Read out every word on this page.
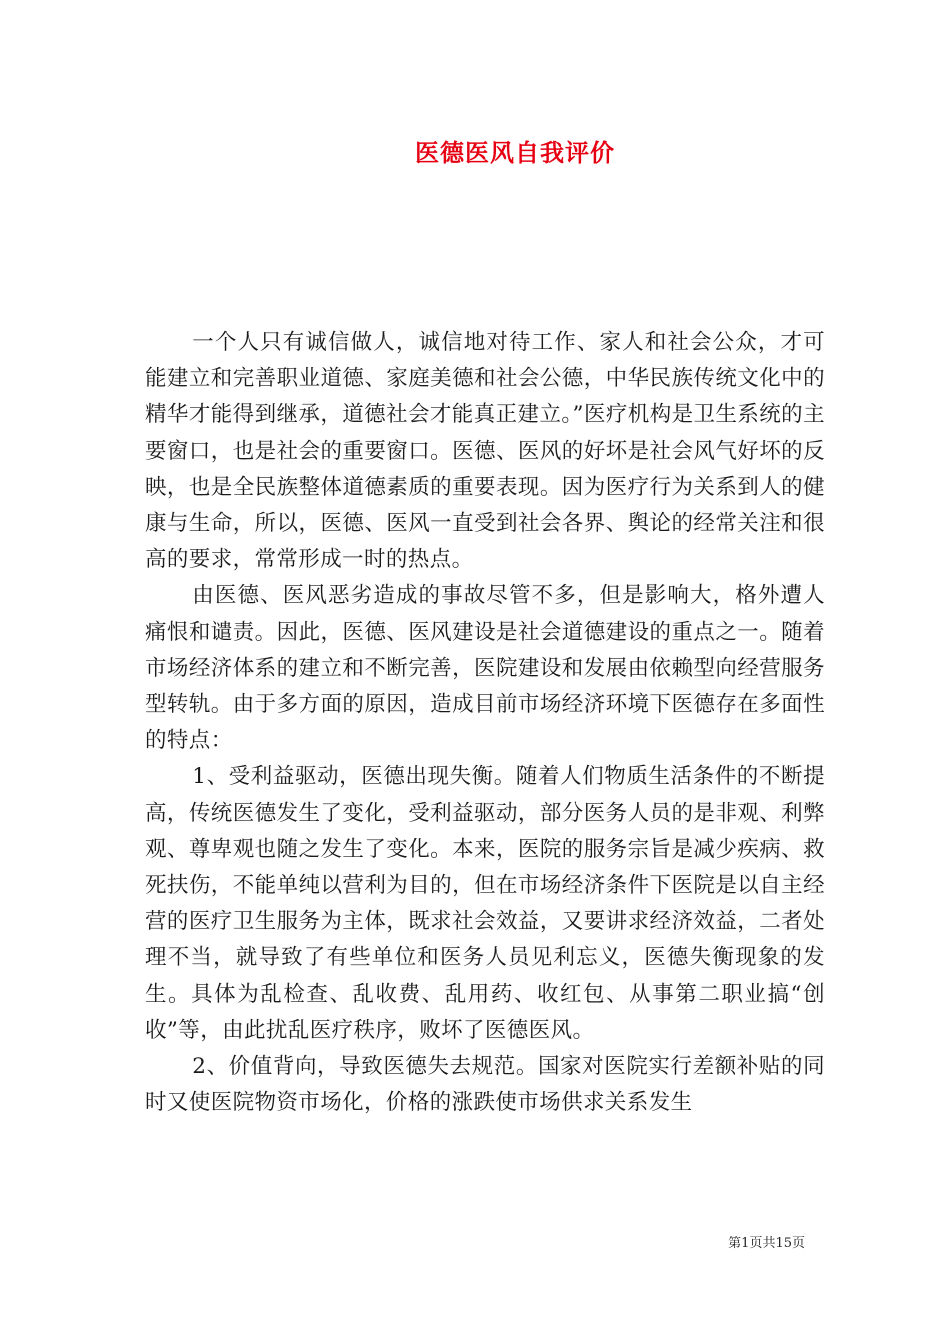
医德医风自我评价

一个人只有诚信做人，诚信地对待工作、家人和社会公众，才可能建立和完善职业道德、家庭美德和社会公德，中华民族传统文化中的精华才能得到继承，道德社会才能真正建立。”医疗机构是卫生系统的主要窗口，也是社会的重要窗口。医德、医风的好坏是社会风气好坏的反映，也是全民族整体道德素质的重要表现。因为医疗行为关系到人的健康与生命，所以，医德、医风一直受到社会各界、舆论的经常关注和很高的要求，常常形成一时的热点。

由医德、医风恶劣造成的事故尽管不多，但是影响大，格外遭人痛恨和谴责。因此，医德、医风建设是社会道德建设的重点之一。随着市场经济体系的建立和不断完善，医院建设和发展由依赖型向经营服务型转轨。由于多方面的原因，造成目前市场经济环境下医德存在多面性的特点：

1、受利益驱动，医德出现失衡。随着人们物质生活条件的不断提高，传统医德发生了变化，受利益驱动，部分医务人员的是非观、利弊观、尊卑观也随之发生了变化。本来，医院的服务宗旨是减少疾病、救死扶伤，不能单纯以营利为目的，但在市场经济条件下医院是以自主经营的医疗卫生服务为主体，既求社会效益，又要讲求经济效益，二者处理不当，就导致了有些单位和医务人员见利忘义，医德失衡现象的发生。具体为乱检查、乱收费、乱用药、收红包、从事第二职业搞“创收”等，由此扰乱医疗秩序，败坏了医德医风。

2、价值背向，导致医德失去规范。国家对医院实行差额补贴的同时又使医院物资市场化，价格的涨跌使市场供求关系发生

第1页共15页
